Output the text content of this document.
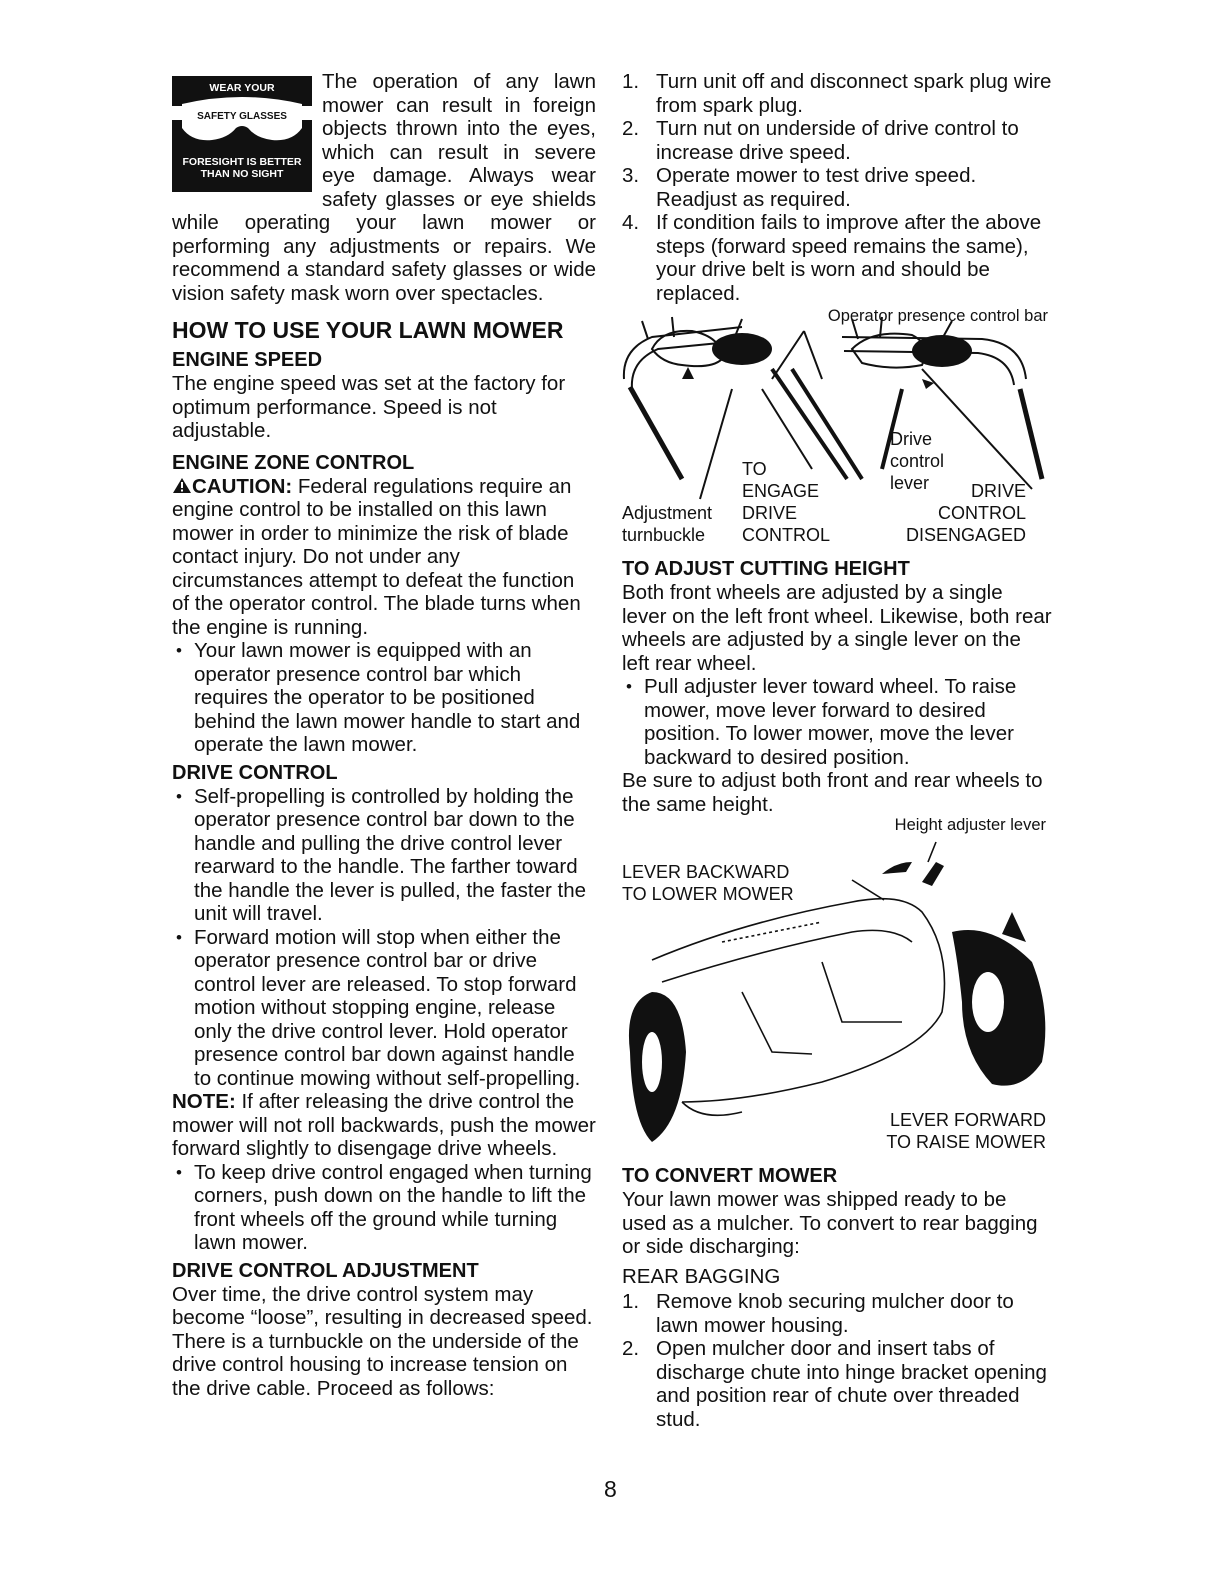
WEAR YOUR
SAFETY GLASSES
FORESIGHT IS BETTER
THAN NO SIGHT

The operation of any lawn mower can result in foreign objects thrown into the eyes, which can result in severe eye damage. Always wear safety glasses or eye shields while operating your lawn mower or performing any adjustments or repairs. We recommend a standard safety glasses or wide vision safety mask worn over spectacles.

HOW TO USE YOUR LAWN MOWER
ENGINE SPEED

The engine speed was set at the factory for optimum performance. Speed is not adjustable.

ENGINE ZONE CONTROL

CAUTION: Federal regulations require an engine control to be installed on this lawn mower in order to minimize the risk of blade contact injury. Do not under any circumstances attempt to defeat the function of the operator control. The blade turns when the engine is running.

• Your lawn mower is equipped with an operator presence control bar which requires the operator to be positioned behind the lawn mower handle to start and operate the lawn mower.

DRIVE CONTROL

• Self-propelling is controlled by holding the operator presence control bar down to the handle and pulling the drive control lever rearward to the handle. The farther toward the handle the lever is pulled, the faster the unit will travel.

• Forward motion will stop when either the operator presence control bar or drive control lever are released. To stop forward motion without stopping engine, release only the drive control lever. Hold operator presence control bar down against handle to continue mowing without self-propelling.

NOTE: If after releasing the drive control the mower will not roll backwards, push the mower forward slightly to disengage drive wheels.

• To keep drive control engaged when turning corners, push down on the handle to lift the front wheels off the ground while turning lawn mower.

DRIVE CONTROL ADJUSTMENT

Over time, the drive control system may become “loose”, resulting in decreased speed. There is a turnbuckle on the underside of the drive control housing to increase tension on the drive cable. Proceed as follows:

1. Turn unit off and disconnect spark plug wire from spark plug.
2. Turn nut on underside of drive control to increase drive speed.
3. Operate mower to test drive speed. Readjust as required.
4. If condition fails to improve after the above steps (forward speed remains the same), your drive belt is worn and should be replaced.
Operator presence control bar
TO
ENGAGE
Adjustment DRIVE
turnbuckle CONTROL
Drive
control
lever DRIVE
CONTROL
DISENGAGED
TO ADJUST CUTTING HEIGHT

Both front wheels are adjusted by a single lever on the left front wheel. Likewise, both rear wheels are adjusted by a single lever on the left rear wheel.

• Pull adjuster lever toward wheel. To raise mower, move lever forward to desired position. To lower mower, move the lever backward to desired position.

Be sure to adjust both front and rear wheels to the same height.

Height adjuster lever
LEVER BACKWARD
TO LOWER MOWER
LEVER FORWARD
TO RAISE MOWER
TO CONVERT MOWER

Your lawn mower was shipped ready to be used as a mulcher. To convert to rear bagging or side discharging:

REAR BAGGING

1. Remove knob securing mulcher door to lawn mower housing.
2. Open mulcher door and insert tabs of discharge chute into hinge bracket opening and position rear of chute over threaded stud.
8
